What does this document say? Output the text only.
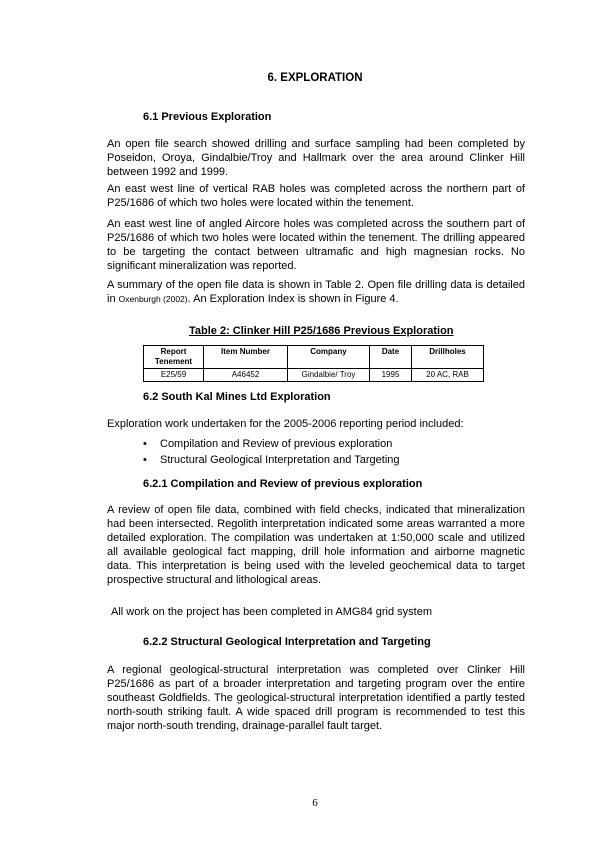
6. EXPLORATION
6.1 Previous Exploration
An open file search showed drilling and surface sampling had been completed by Poseidon, Oroya, Gindalbie/Troy and Hallmark over the area around Clinker Hill between 1992 and 1999.
An east west line of vertical RAB holes was completed across the northern part of P25/1686 of which two holes were located within the tenement.
An east west line of angled Aircore holes was completed across the southern part of P25/1686 of which two holes were located within the tenement. The drilling appeared to be targeting the contact between ultramafic and high magnesian rocks. No significant mineralization was reported.
A summary of the open file data is shown in Table 2. Open file drilling data is detailed in Oxenburgh (2002). An Exploration Index is shown in Figure 4.
Table 2: Clinker Hill P25/1686 Previous Exploration
Report Tenement	Item Number	Company	Date	Drillholes
E25/59	A46452	Gindalbie/ Troy	1995	20 AC, RAB
6.2 South Kal Mines Ltd Exploration
Exploration work undertaken for the 2005-2006 reporting period included:
• Compilation and Review of previous exploration
• Structural Geological Interpretation and Targeting
6.2.1 Compilation and Review of previous exploration
A review of open file data, combined with field checks, indicated that mineralization had been intersected. Regolith interpretation indicated some areas warranted a more detailed exploration. The compilation was undertaken at 1:50,000 scale and utilized all available geological fact mapping, drill hole information and airborne magnetic data. This interpretation is being used with the leveled geochemical data to target prospective structural and lithological areas.
All work on the project has been completed in AMG84 grid system
6.2.2 Structural Geological Interpretation and Targeting
A regional geological-structural interpretation was completed over Clinker Hill P25/1686 as part of a broader interpretation and targeting program over the entire southeast Goldfields. The geological-structural interpretation identified a partly tested north-south striking fault. A wide spaced drill program is recommended to test this major north-south trending, drainage-parallel fault target.
6
